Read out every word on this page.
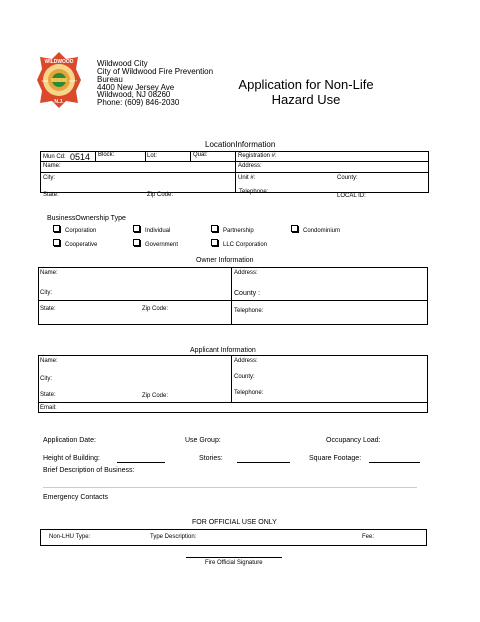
WILDWOOD
N.J.
FIRE	DEPT
Wildwood City
City of Wildwood Fire Prevention
Bureau
4400 New Jersey Ave
Wildwood, NJ 08260
Phone: (609) 846-2030
Application for Non-Life
Hazard Use
LocationInformation
Mun Cd: 0514 Block:	Lot:	Qual:	Registration #:
Name:	Address:
City:	Unit #:	County:
State:	Zip Code:	Telephone:
LOCAL ID:
BusinessOwnership Type
Corporation	Individual	Partnership	Condominium
Cooperative	Government	LLC Corporation
Owner Information
Name:	Address:
City:	County :
State:	Zip Code:	Telephone:
Applicant Information
Name:	Address:
City:	County:
State:	Zip Code:	Telephone:
Email:
Application Date:	Use Group:	Occupancy Load:
Height of Building:	Stories:	Square Footage:
Brief Description of Business:
Emergency Contacts
FOR OFFICIAL USE ONLY
Non-LHU Type:	Type Description:	Fee:
Fire Official Signature
